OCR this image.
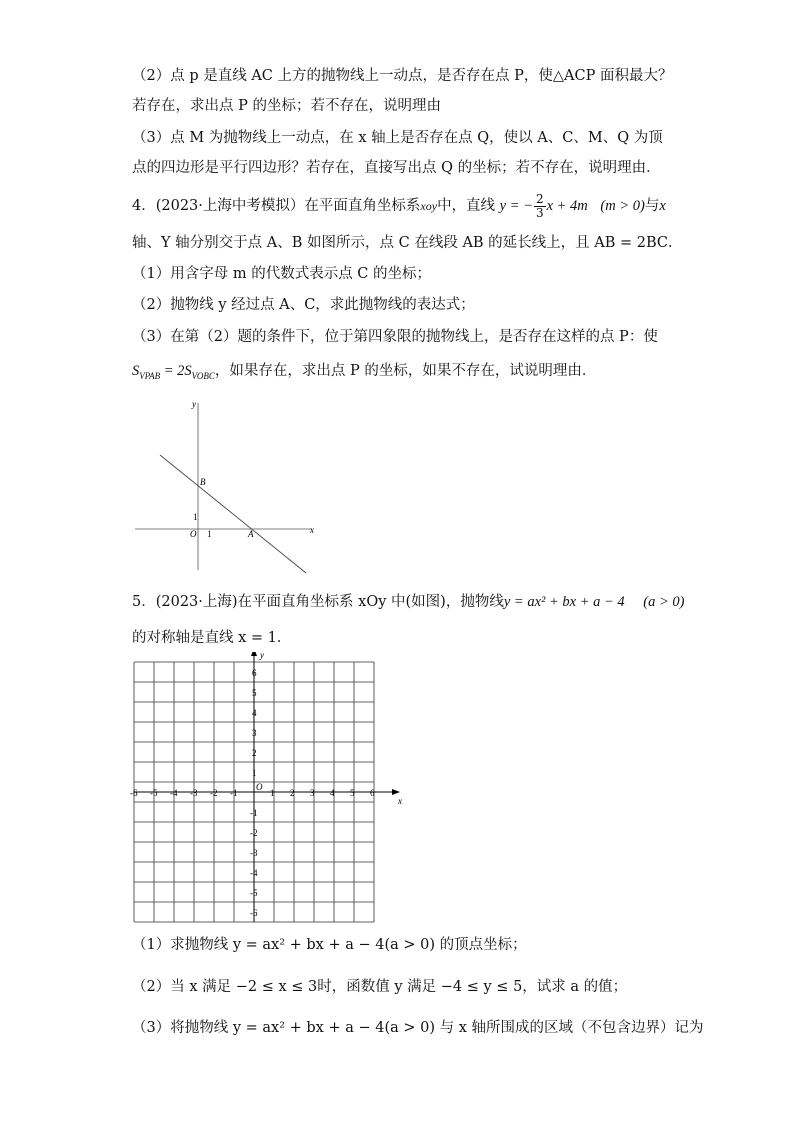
（2）点 p 是直线 AC 上方的抛物线上一动点，是否存在点 P，使△ACP 面积最大？
若存在，求出点 P 的坐标；若不存在，说明理由
（3）点 M 为抛物线上一动点，在 x 轴上是否存在点 Q，使以 A、C、M、Q 为顶
点的四边形是平行四边形？若存在，直接写出点 Q 的坐标；若不存在，说明理由．
4．(2023·上海中考模拟）在平面直角坐标系xoy中，直线 y = − $\frac{2}{3}$ x + 4m (m > 0)与x
轴、Y 轴分别交于点 A、B 如图所示，点 C 在线段 AB 的延长线上，且 AB = 2BC．
（1）用含字母 m 的代数式表示点 C 的坐标；
（2）抛物线 y 经过点 A、C，求此抛物线的表达式；
（3）在第（2）题的条件下，位于第四象限的抛物线上，是否存在这样的点 P：使
$S_{VPAB} = 2S_{VOBC}$，如果存在，求出点 P 的坐标，如果不存在，试说明理由．
y
x
B
O 1
1
A
5．(2023·上海)在平面直角坐标系 xOy 中(如图)，抛物线y = ax² + bx + a − 4 (a > 0)
的对称轴是直线 x = 1．
x
y
O
-6 -5 -4 -3 -2 -1	1 2 3 4 5 6
1
2
3
4
5
6
-1
-2
-3
-4
-5
-6
（1）求抛物线 y = ax² + bx + a − 4(a > 0) 的顶点坐标；
（2）当 x 满足 −2 ≤ x ≤ 3时，函数值 y 满足 −4 ≤ y ≤ 5，试求 a 的值；
（3）将抛物线 y = ax² + bx + a − 4(a > 0) 与 x 轴所围成的区域（不包含边界）记为
